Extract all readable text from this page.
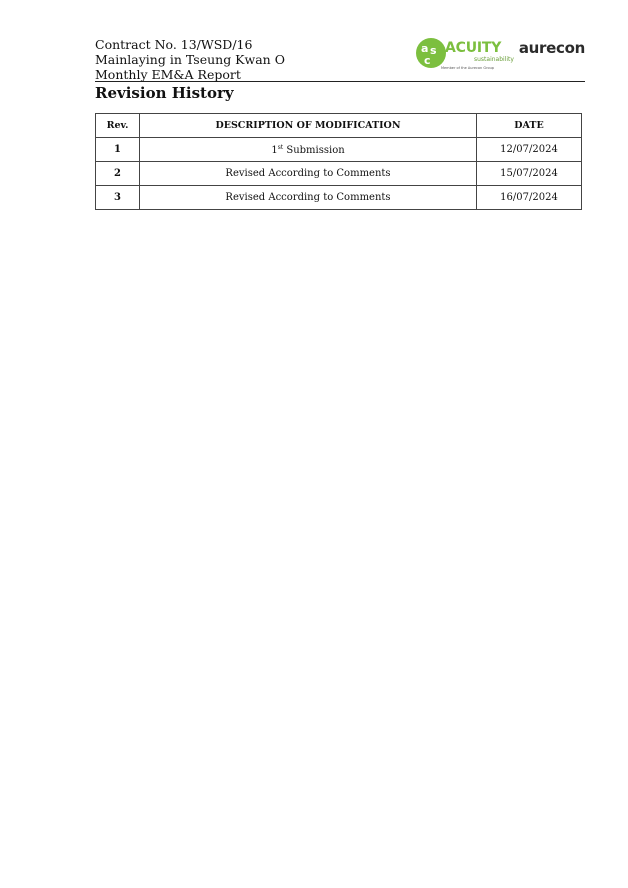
Contract No. 13/WSD/16
Mainlaying in Tseung Kwan O
Monthly EM&A Report
a s
c
ACUITY
sustainability
Member of the Aurecon Group
aurecon
Revision History
Rev.	DESCRIPTION OF MODIFICATION	DATE
1	1st Submission	12/07/2024
2	Revised According to Comments	15/07/2024
3	Revised According to Comments	16/07/2024
